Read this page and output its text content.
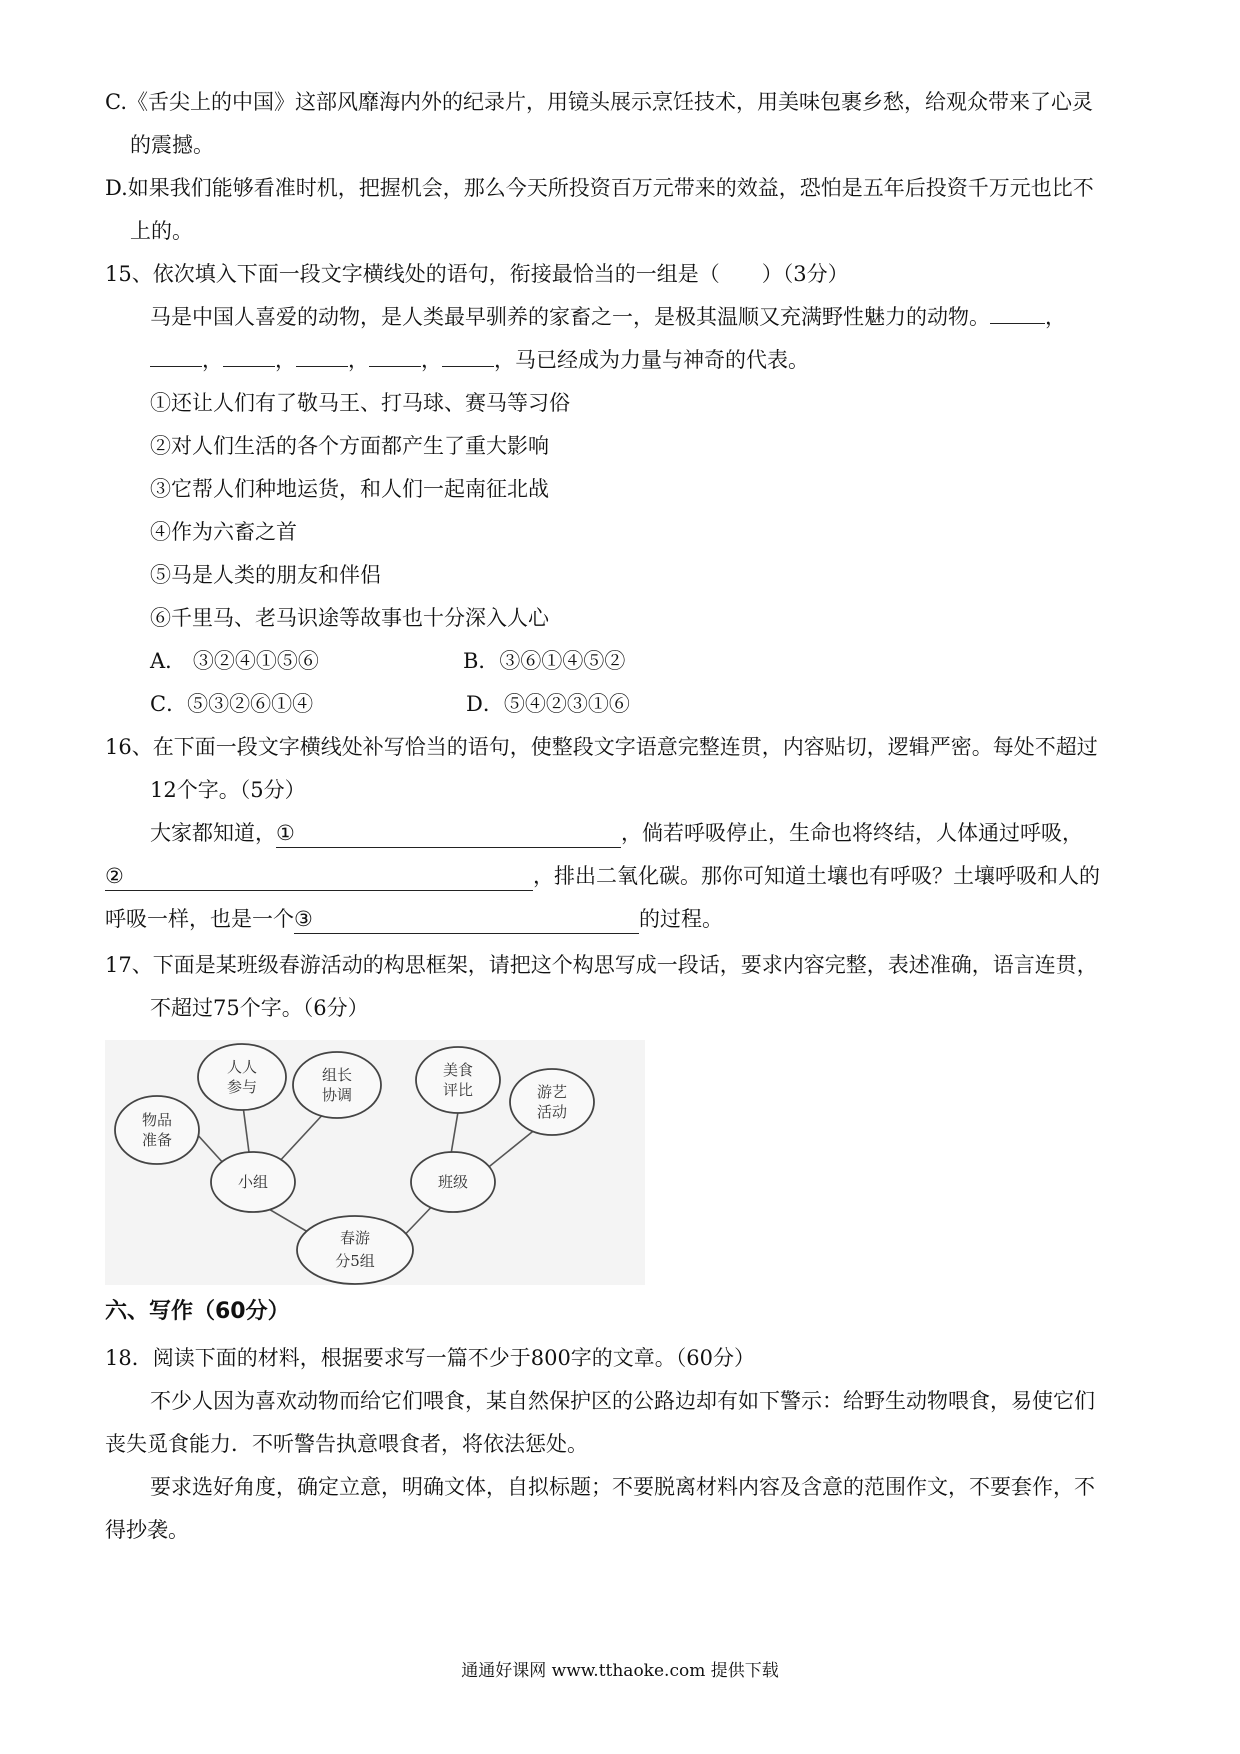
C.《舌尖上的中国》这部风靡海内外的纪录片，用镜头展示烹饪技术，用美味包裹乡愁，给观众带来了心灵
的震撼。
D.如果我们能够看准时机，把握机会，那么今天所投资百万元带来的效益，恐怕是五年后投资千万元也比不
上的。
15、依次填入下面一段文字横线处的语句，衔接最恰当的一组是（　　）（3分）
马是中国人喜爱的动物，是人类最早驯养的家畜之一，是极其温顺又充满野性魅力的动物。	，
， ， ， ， ，马已经成为力量与神奇的代表。
①还让人们有了敬马王、打马球、赛马等习俗
②对人们生活的各个方面都产生了重大影响
③它帮人们种地运货，和人们一起南征北战
④作为六畜之首
⑤马是人类的朋友和伴侣
⑥千里马、老马识途等故事也十分深入人心
A． ③②④①⑤⑥	B．③⑥①④⑤②
C．⑤③②⑥①④	D．⑤④②③①⑥
16、在下面一段文字横线处补写恰当的语句，使整段文字语意完整连贯，内容贴切，逻辑严密。每处不超过
12个字。（5分）
大家都知道，①	，倘若呼吸停止，生命也将终结，人体通过呼吸，
②	，排出二氧化碳。那你可知道土壤也有呼吸？土壤呼吸和人的
呼吸一样，也是一个③	的过程。
17、下面是某班级春游活动的构思框架，请把这个构思写成一段话，要求内容完整，表述准确，语言连贯，
不超过75个字。（6分）
物品
准备
人人
参与
组长
协调
美食
评比	游艺
活动
小组	班级
春游
分5组
六、写作（60分）
18．阅读下面的材料，根据要求写一篇不少于800字的文章。（60分）
不少人因为喜欢动物而给它们喂食，某自然保护区的公路边却有如下警示：给野生动物喂食，易使它们
丧失觅食能力．不听警告执意喂食者，将依法惩处。
要求选好角度，确定立意，明确文体，自拟标题；不要脱离材料内容及含意的范围作文，不要套作，不
得抄袭。
通通好课网 www.tthaoke.com 提供下载
